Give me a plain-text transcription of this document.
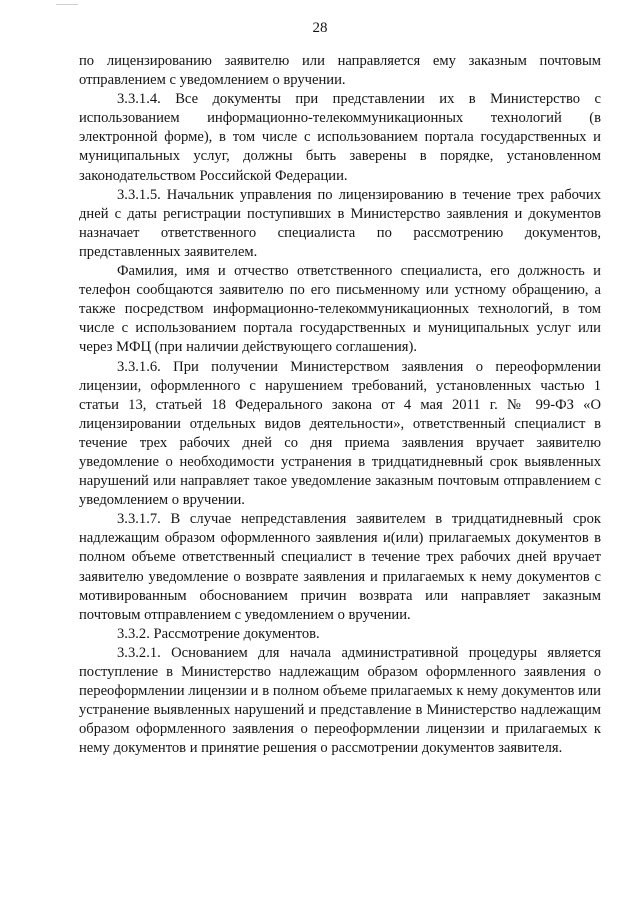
28

по лицензированию заявителю или направляется ему заказным почтовым отправлением с уведомлением о вручении.

3.3.1.4. Все документы при представлении их в Министерство с использованием информационно-телекоммуникационных технологий (в электронной форме), в том числе с использованием портала государственных и муниципальных услуг, должны быть заверены в порядке, установленном законодательством Российской Федерации.

3.3.1.5. Начальник управления по лицензированию в течение трех рабочих дней с даты регистрации поступивших в Министерство заявления и документов назначает ответственного специалиста по рассмотрению документов, представленных заявителем.

Фамилия, имя и отчество ответственного специалиста, его должность и телефон сообщаются заявителю по его письменному или устному обращению, а также посредством информационно-телекоммуникационных технологий, в том числе с использованием портала государственных и муниципальных услуг или через МФЦ (при наличии действующего соглашения).

3.3.1.6. При получении Министерством заявления о переоформлении лицензии, оформленного с нарушением требований, установленных частью 1 статьи 13, статьей 18 Федерального закона от 4 мая 2011 г. № 99-ФЗ «О лицензировании отдельных видов деятельности», ответственный специалист в течение трех рабочих дней со дня приема заявления вручает заявителю уведомление о необходимости устранения в тридцатидневный срок выявленных нарушений или направляет такое уведомление заказным почтовым отправлением с уведомлением о вручении.

3.3.1.7. В случае непредставления заявителем в тридцатидневный срок надлежащим образом оформленного заявления и(или) прилагаемых документов в полном объеме ответственный специалист в течение трех рабочих дней вручает заявителю уведомление о возврате заявления и прилагаемых к нему документов с мотивированным обоснованием причин возврата или направляет заказным почтовым отправлением с уведомлением о вручении.

3.3.2. Рассмотрение документов.

3.3.2.1. Основанием для начала административной процедуры является поступление в Министерство надлежащим образом оформленного заявления о переоформлении лицензии и в полном объеме прилагаемых к нему документов или устранение выявленных нарушений и представление в Министерство надлежащим образом оформленного заявления о переоформлении лицензии и прилагаемых к нему документов и принятие решения о рассмотрении документов заявителя.
